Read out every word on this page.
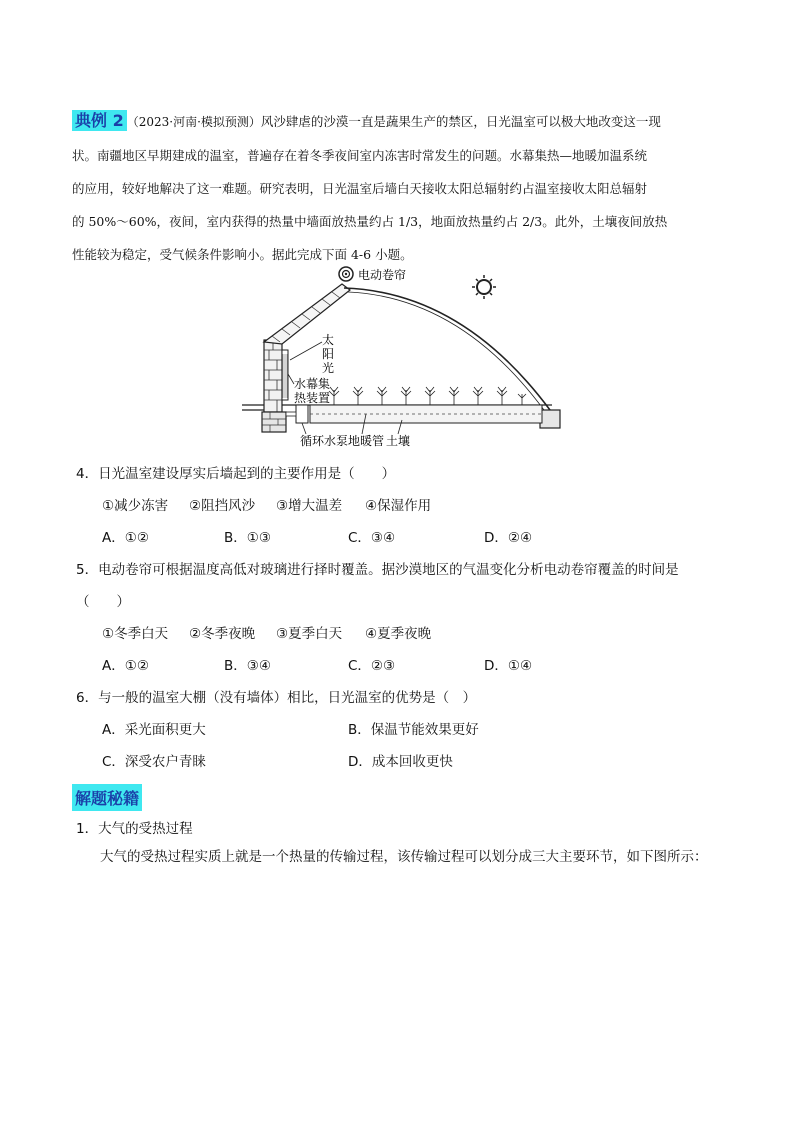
典例 2 （2023·河南·模拟预测）风沙肆虐的沙漠一直是蔬果生产的禁区，日光温室可以极大地改变这一现
状。南疆地区早期建成的温室，普遍存在着冬季夜间室内冻害时常发生的问题。水幕集热—地暖加温系统
的应用，较好地解决了这一难题。研究表明，日光温室后墙白天接收太阳总辐射约占温室接收太阳总辐射
的 50%～60%，夜间，室内获得的热量中墙面放热量约占 1/3，地面放热量约占 2/3。此外，土壤夜间放热
性能较为稳定，受气候条件影响小。据此完成下面 4-6 小题。
电动卷帘
太
阳
光
水幕集
热装置
循环水泵 地暖管 土壤
4．日光温室建设厚实后墙起到的主要作用是（　　）
①减少冻害 ②阻挡风沙 ③增大温差 ④保湿作用
A．①②	B．①③	C．③④	D．②④
5．电动卷帘可根据温度高低对玻璃进行择时覆盖。据沙漠地区的气温变化分析电动卷帘覆盖的时间是
（　　）
①冬季白天 ②冬季夜晚 ③夏季白天 ④夏季夜晚
A．①②	B．③④	C．②③	D．①④
6．与一般的温室大棚（没有墙体）相比，日光温室的优势是（　）
A．采光面积更大	B．保温节能效果更好
C．深受农户青睐	D．成本回收更快
解题秘籍
1．大气的受热过程
大气的受热过程实质上就是一个热量的传输过程，该传输过程可以划分成三大主要环节，如下图所示：
